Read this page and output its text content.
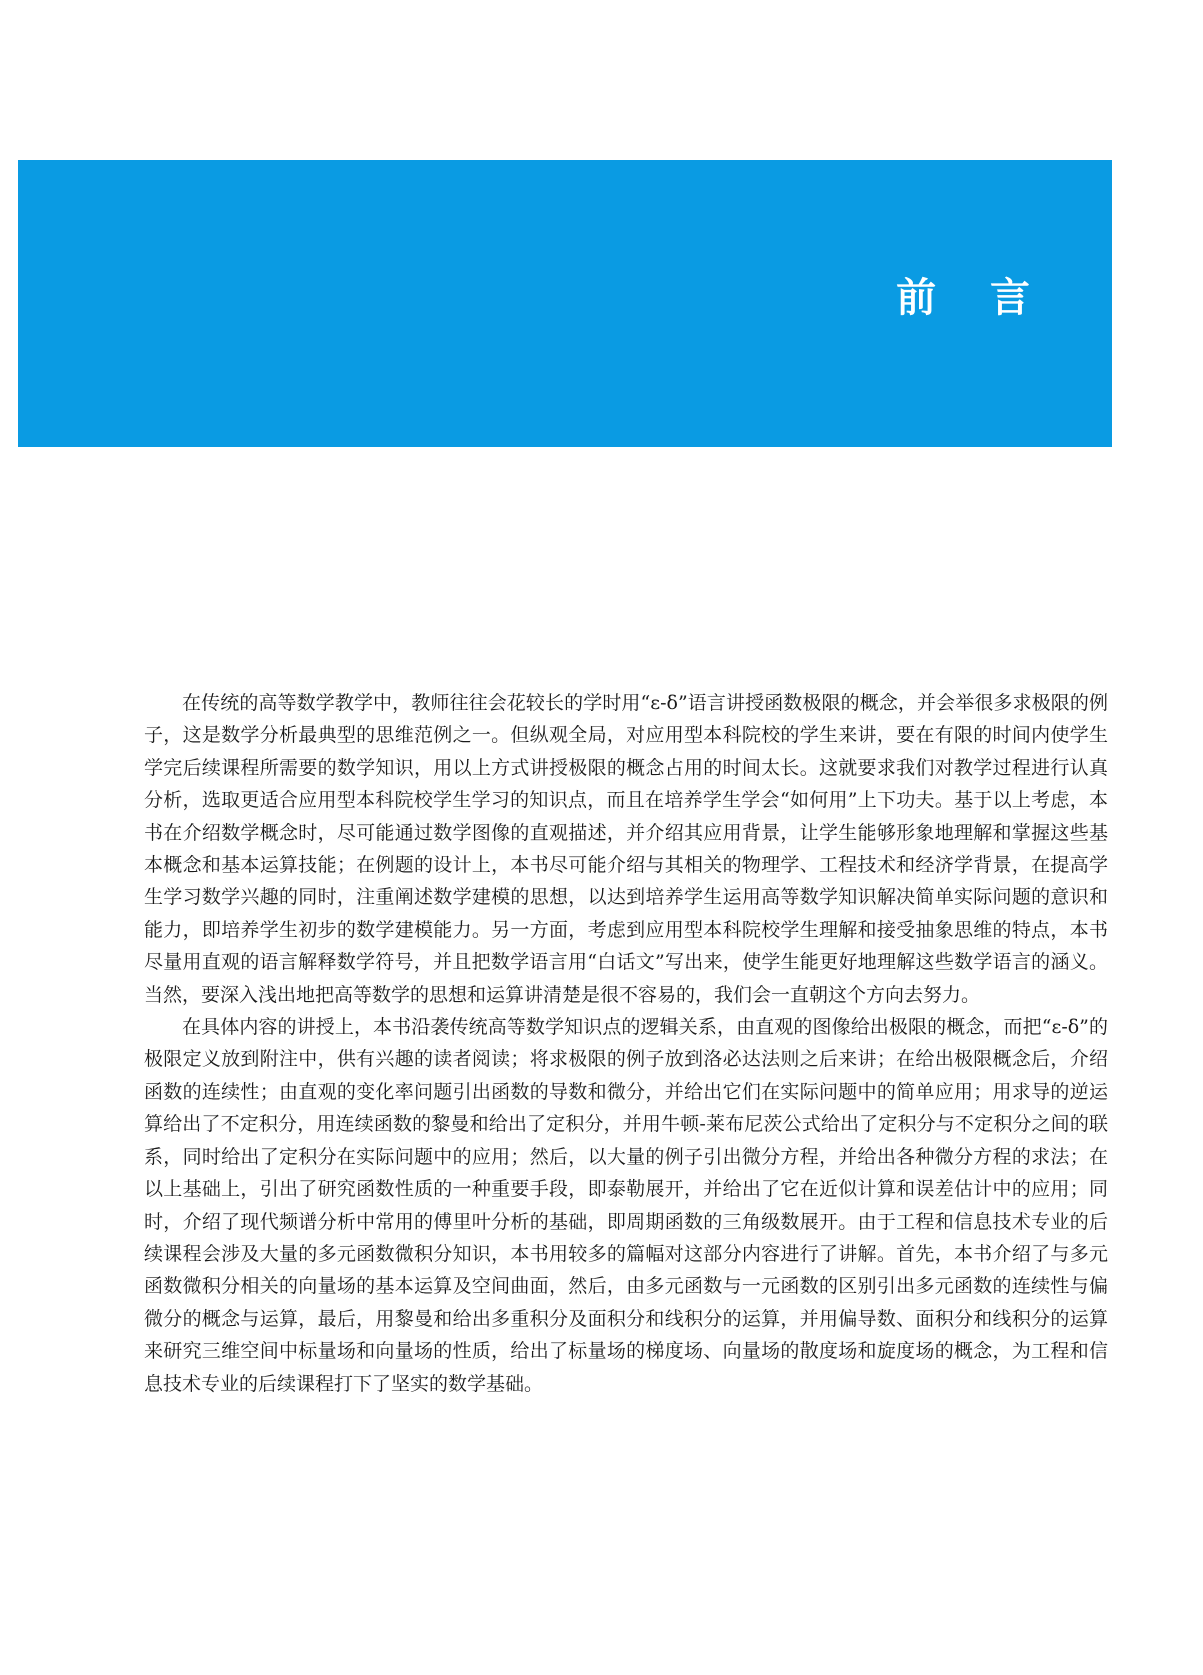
前 言

在传统的高等数学教学中，教师往往会花较长的学时用“ε-δ”语言讲授函数极限的概念，并会举很多求极限的例子，这是数学分析最典型的思维范例之一。但纵观全局，对应用型本科院校的学生来讲，要在有限的时间内使学生学完后续课程所需要的数学知识，用以上方式讲授极限的概念占用的时间太长。这就要求我们对教学过程进行认真分析，选取更适合应用型本科院校学生学习的知识点，而且在培养学生学会“如何用”上下功夫。基于以上考虑，本书在介绍数学概念时，尽可能通过数学图像的直观描述，并介绍其应用背景，让学生能够形象地理解和掌握这些基本概念和基本运算技能；在例题的设计上，本书尽可能介绍与其相关的物理学、工程技术和经济学背景，在提高学生学习数学兴趣的同时，注重阐述数学建模的思想，以达到培养学生运用高等数学知识解决简单实际问题的意识和能力，即培养学生初步的数学建模能力。另一方面，考虑到应用型本科院校学生理解和接受抽象思维的特点，本书尽量用直观的语言解释数学符号，并且把数学语言用“白话文”写出来，使学生能更好地理解这些数学语言的涵义。当然，要深入浅出地把高等数学的思想和运算讲清楚是很不容易的，我们会一直朝这个方向去努力。

在具体内容的讲授上，本书沿袭传统高等数学知识点的逻辑关系，由直观的图像给出极限的概念，而把“ε-δ”的极限定义放到附注中，供有兴趣的读者阅读；将求极限的例子放到洛必达法则之后来讲；在给出极限概念后，介绍函数的连续性；由直观的变化率问题引出函数的导数和微分，并给出它们在实际问题中的简单应用；用求导的逆运算给出了不定积分，用连续函数的黎曼和给出了定积分，并用牛顿-莱布尼茨公式给出了定积分与不定积分之间的联系，同时给出了定积分在实际问题中的应用；然后，以大量的例子引出微分方程，并给出各种微分方程的求法；在以上基础上，引出了研究函数性质的一种重要手段，即泰勒展开，并给出了它在近似计算和误差估计中的应用；同时，介绍了现代频谱分析中常用的傅里叶分析的基础，即周期函数的三角级数展开。由于工程和信息技术专业的后续课程会涉及大量的多元函数微积分知识，本书用较多的篇幅对这部分内容进行了讲解。首先，本书介绍了与多元函数微积分相关的向量场的基本运算及空间曲面，然后，由多元函数与一元函数的区别引出多元函数的连续性与偏微分的概念与运算，最后，用黎曼和给出多重积分及面积分和线积分的运算，并用偏导数、面积分和线积分的运算来研究三维空间中标量场和向量场的性质，给出了标量场的梯度场、向量场的散度场和旋度场的概念，为工程和信息技术专业的后续课程打下了坚实的数学基础。
